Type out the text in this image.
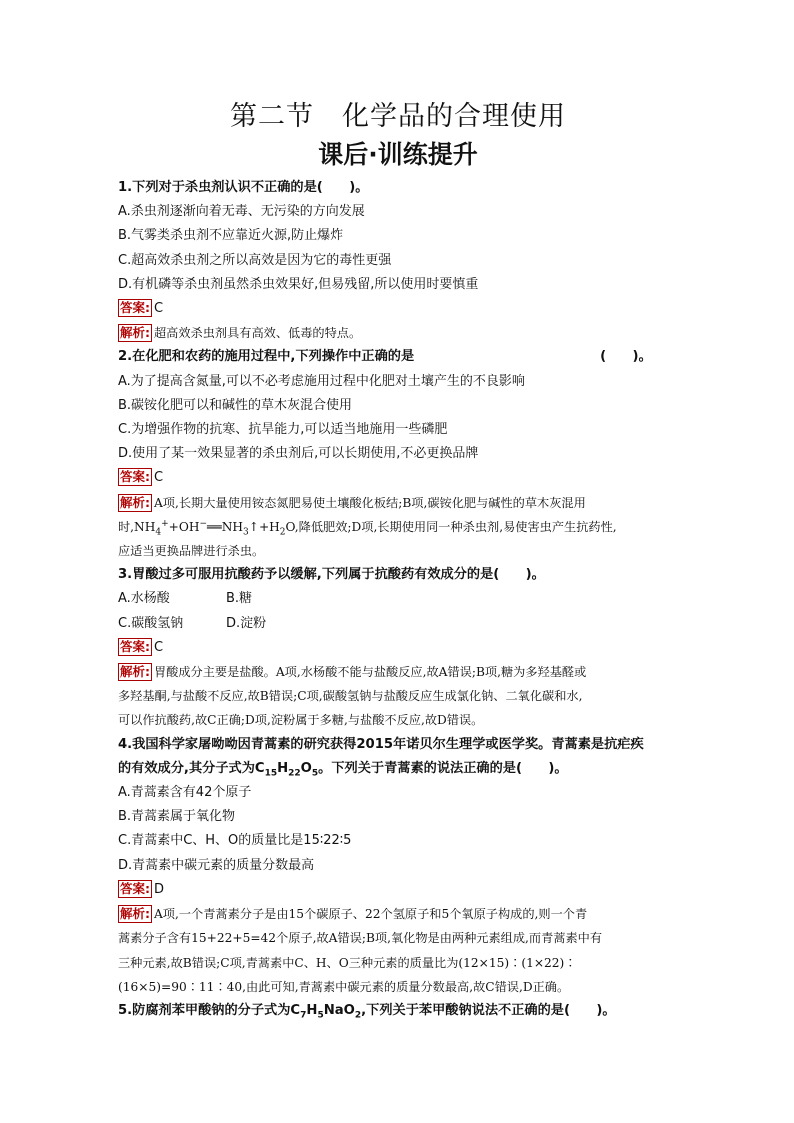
第二节　化学品的合理使用
课后·训练提升
1.下列对于杀虫剂认识不正确的是(　　)。
A.杀虫剂逐渐向着无毒、无污染的方向发展
B.气雾类杀虫剂不应靠近火源,防止爆炸
C.超高效杀虫剂之所以高效是因为它的毒性更强
D.有机磷等杀虫剂虽然杀虫效果好,但易残留,所以使用时要慎重
答案: C
解析: 超高效杀虫剂具有高效、低毒的特点。
2.在化肥和农药的施用过程中,下列操作中正确的是	(　　)。
A.为了提高含氮量,可以不必考虑施用过程中化肥对土壤产生的不良影响
B.碳铵化肥可以和碱性的草木灰混合使用
C.为增强作物的抗寒、抗旱能力,可以适当地施用一些磷肥
D.使用了某一效果显著的杀虫剂后,可以长期使用,不必更换品牌
答案: C
解析: A项,长期大量使用铵态氮肥易使土壤酸化板结;B项,碳铵化肥与碱性的草木灰混用
时$,NH_4^++OH^-══NH_3↑+H_2O$,降低肥效;D项,长期使用同一种杀虫剂,易使害虫产生抗药性,
应适当更换品牌进行杀虫。
3.胃酸过多可服用抗酸药予以缓解,下列属于抗酸药有效成分的是(　　)。
A.水杨酸	B.糖
C.碳酸氢钠	D.淀粉
答案: C
解析: 胃酸成分主要是盐酸。A项,水杨酸不能与盐酸反应,故A错误;B项,糖为多羟基醛或
多羟基酮,与盐酸不反应,故B错误;C项,碳酸氢钠与盐酸反应生成氯化钠、二氧化碳和水,
可以作抗酸药,故C正确;D项,淀粉属于多糖,与盐酸不反应,故D错误。
4.我国科学家屠呦呦因青蒿素的研究获得2015年诺贝尔生理学或医学奖。青蒿素是抗疟疾
的有效成分,其分子式为$C_{15}H_{22}O_5$。下列关于青蒿素的说法正确的是(　　)。
A.青蒿素含有42个原子
B.青蒿素属于氧化物
C.青蒿素中C、H、O的质量比是15∶22∶5
D.青蒿素中碳元素的质量分数最高
答案: D
解析: A项,一个青蒿素分子是由15个碳原子、22个氢原子和5个氧原子构成的,则一个青
蒿素分子含有15+22+5=42个原子,故A错误;B项,氧化物是由两种元素组成,而青蒿素中有
三种元素,故B错误;C项,青蒿素中C、H、O三种元素的质量比为(12×15)∶(1×22)∶
(16×5)=90∶11∶40,由此可知,青蒿素中碳元素的质量分数最高,故C错误,D正确。
5.防腐剂苯甲酸钠的分子式为$C_7H_5NaO_2$,下列关于苯甲酸钠说法不正确的是(　　)。
